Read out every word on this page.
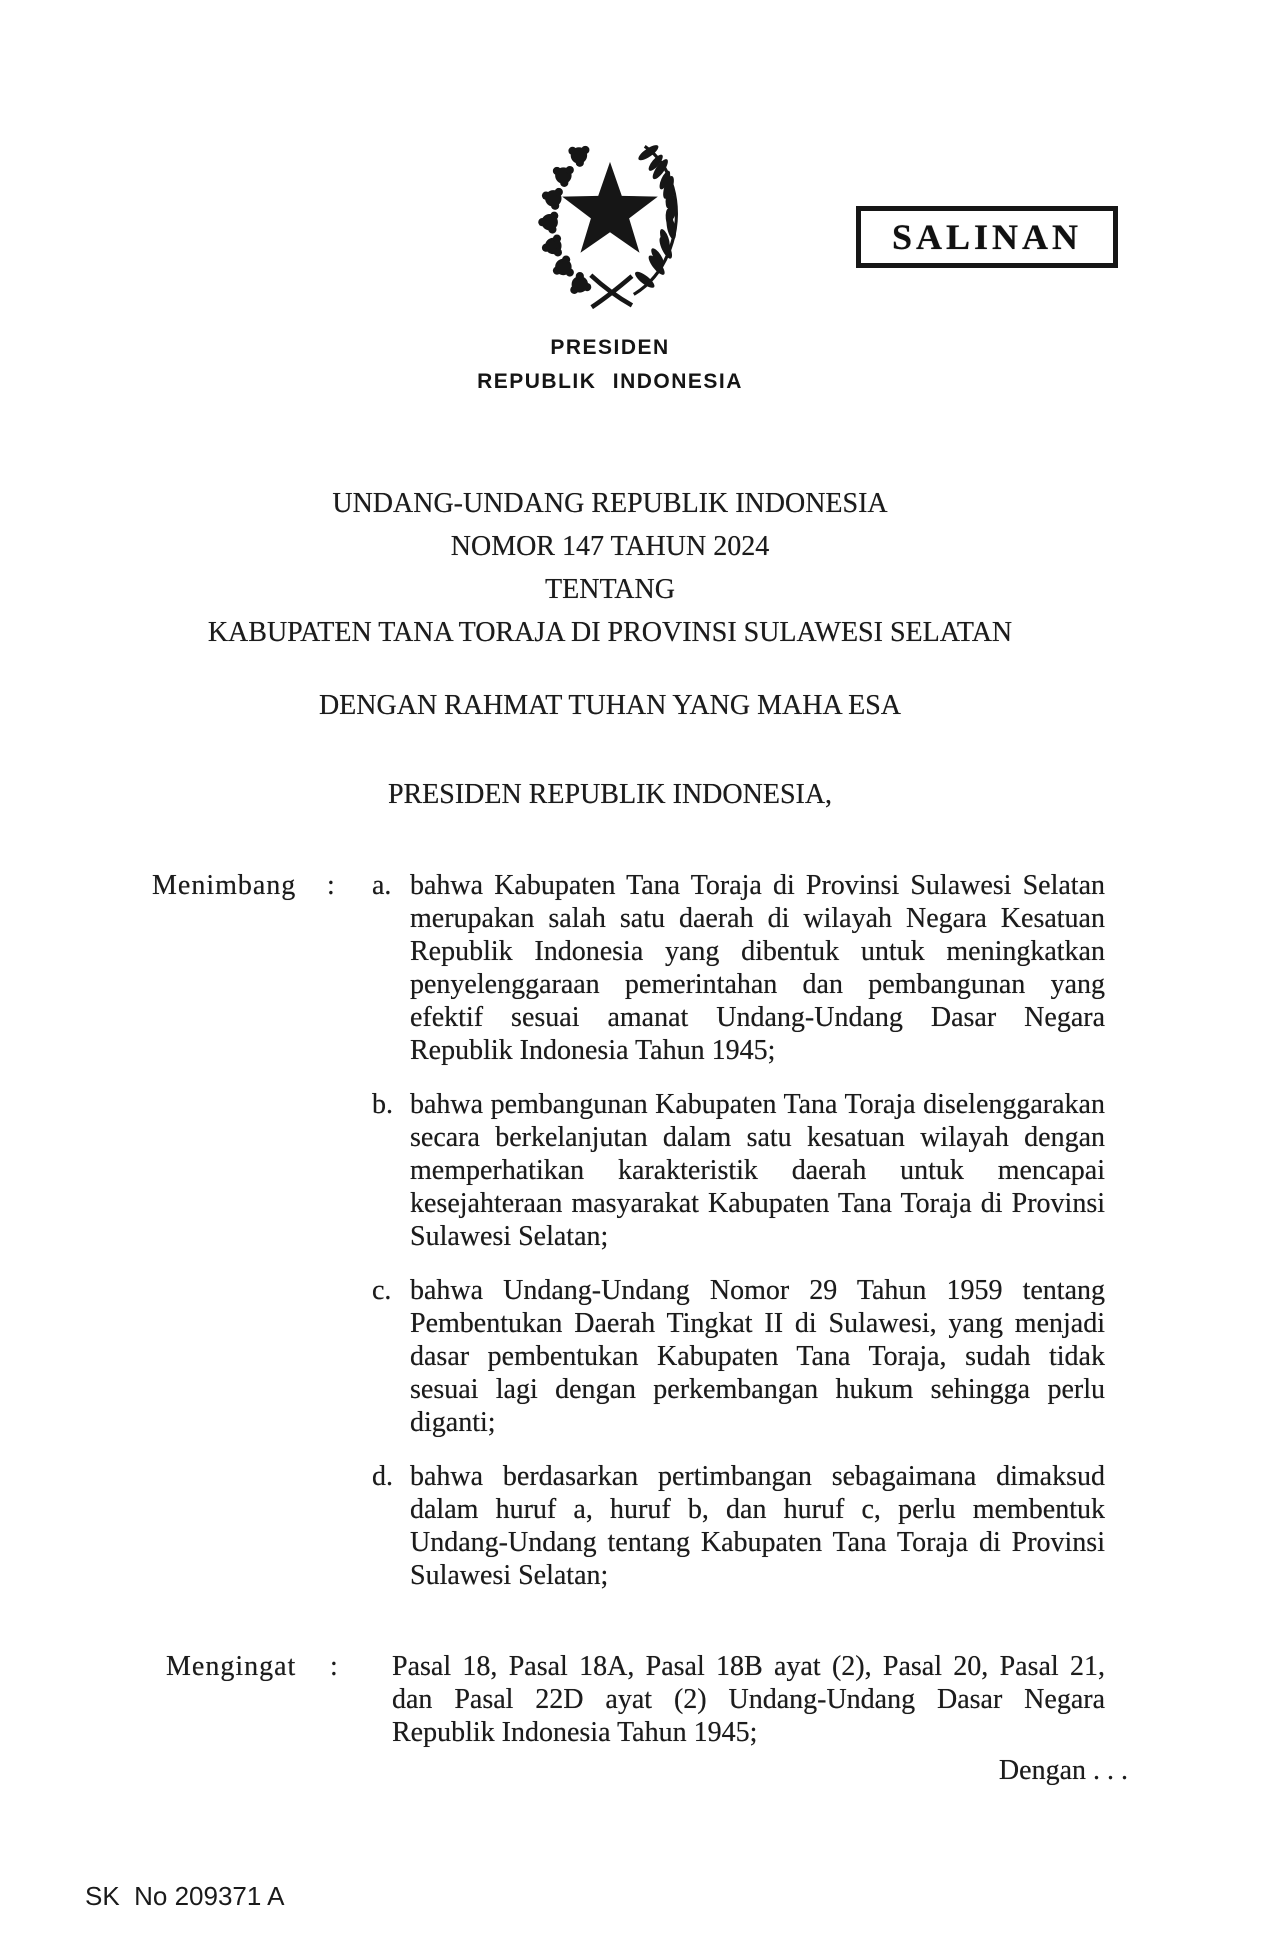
SALINAN
PRESIDEN
REPUBLIK INDONESIA
UNDANG-UNDANG REPUBLIK INDONESIA
NOMOR 147 TAHUN 2024
TENTANG
KABUPATEN TANA TORAJA DI PROVINSI SULAWESI SELATAN
DENGAN RAHMAT TUHAN YANG MAHA ESA
PRESIDEN REPUBLIK INDONESIA,
Menimbang : a. bahwa Kabupaten Tana Toraja di Provinsi Sulawesi Selatan merupakan salah satu daerah di wilayah Negara Kesatuan Republik Indonesia yang dibentuk untuk meningkatkan penyelenggaraan pemerintahan dan pembangunan yang efektif sesuai amanat Undang-Undang Dasar Negara Republik Indonesia Tahun 1945;
b. bahwa pembangunan Kabupaten Tana Toraja diselenggarakan secara berkelanjutan dalam satu kesatuan wilayah dengan memperhatikan karakteristik daerah untuk mencapai kesejahteraan masyarakat Kabupaten Tana Toraja di Provinsi Sulawesi Selatan;
c. bahwa Undang-Undang Nomor 29 Tahun 1959 tentang Pembentukan Daerah Tingkat II di Sulawesi, yang menjadi dasar pembentukan Kabupaten Tana Toraja, sudah tidak sesuai lagi dengan perkembangan hukum sehingga perlu diganti;
d. bahwa berdasarkan pertimbangan sebagaimana dimaksud dalam huruf a, huruf b, dan huruf c, perlu membentuk Undang-Undang tentang Kabupaten Tana Toraja di Provinsi Sulawesi Selatan;
Mengingat : Pasal 18, Pasal 18A, Pasal 18B ayat (2), Pasal 20, Pasal 21, dan Pasal 22D ayat (2) Undang-Undang Dasar Negara Republik Indonesia Tahun 1945;
Dengan . . .
SK  No 209371 A
